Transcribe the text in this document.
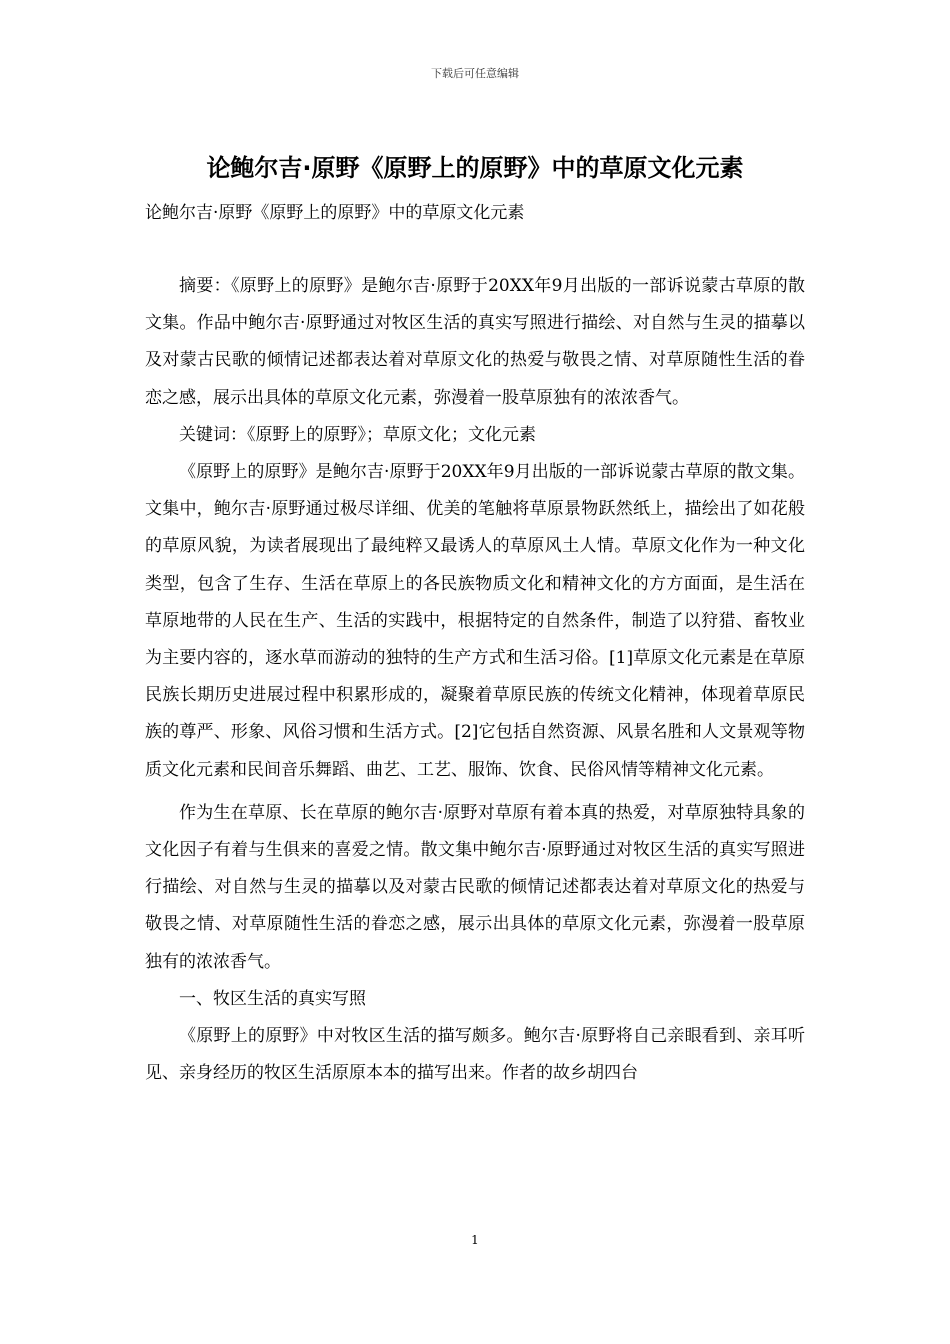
下载后可任意编辑
论鲍尔吉·原野《原野上的原野》中的草原文化元素
论鲍尔吉·原野《原野上的原野》中的草原文化元素

摘要：《原野上的原野》是鲍尔吉·原野于20XX年9月出版的一部诉说蒙古草原的散文集。作品中鲍尔吉·原野通过对牧区生活的真实写照进行描绘、对自然与生灵的描摹以及对蒙古民歌的倾情记述都表达着对草原文化的热爱与敬畏之情、对草原随性生活的眷恋之感，展示出具体的草原文化元素，弥漫着一股草原独有的浓浓香气。

关键词：《原野上的原野》；草原文化；文化元素

《原野上的原野》是鲍尔吉·原野于20XX年9月出版的一部诉说蒙古草原的散文集。文集中，鲍尔吉·原野通过极尽详细、优美的笔触将草原景物跃然纸上，描绘出了如花般的草原风貌，为读者展现出了最纯粹又最诱人的草原风土人情。草原文化作为一种文化类型，包含了生存、生活在草原上的各民族物质文化和精神文化的方方面面，是生活在草原地带的人民在生产、生活的实践中，根据特定的自然条件，制造了以狩猎、畜牧业为主要内容的，逐水草而游动的独特的生产方式和生活习俗。[1]草原文化元素是在草原民族长期历史进展过程中积累形成的，凝聚着草原民族的传统文化精神，体现着草原民族的尊严、形象、风俗习惯和生活方式。[2]它包括自然资源、风景名胜和人文景观等物质文化元素和民间音乐舞蹈、曲艺、工艺、服饰、饮食、民俗风情等精神文化元素。

作为生在草原、长在草原的鲍尔吉·原野对草原有着本真的热爱，对草原独特具象的文化因子有着与生俱来的喜爱之情。散文集中鲍尔吉·原野通过对牧区生活的真实写照进行描绘、对自然与生灵的描摹以及对蒙古民歌的倾情记述都表达着对草原文化的热爱与敬畏之情、对草原随性生活的眷恋之感，展示出具体的草原文化元素，弥漫着一股草原独有的浓浓香气。

一、牧区生活的真实写照

《原野上的原野》中对牧区生活的描写颇多。鲍尔吉·原野将自己亲眼看到、亲耳听见、亲身经历的牧区生活原原本本的描写出来。作者的故乡胡四台

1
